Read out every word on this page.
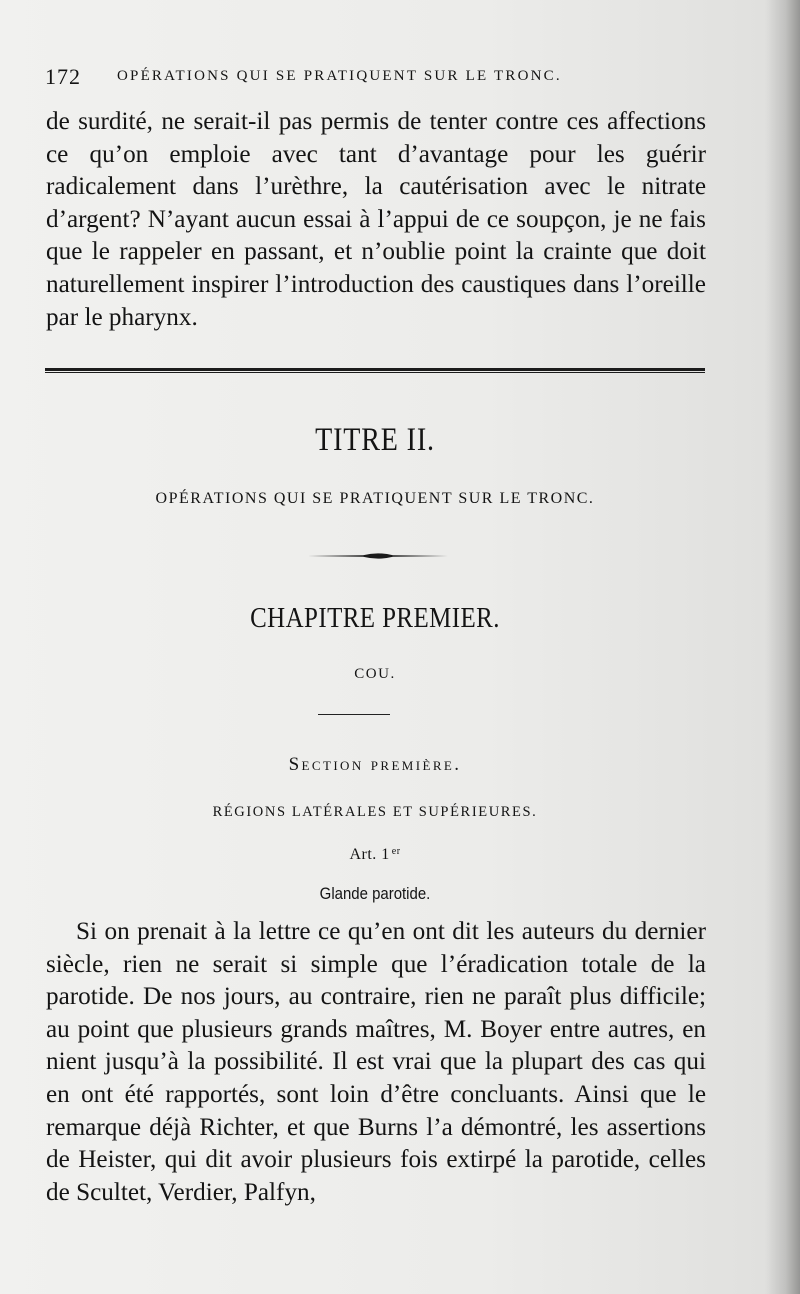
172 OPÉRATIONS QUI SE PRATIQUENT SUR LE TRONC.

de surdité, ne serait-il pas permis de tenter contre ces affections ce qu’on emploie avec tant d’avantage pour les guérir radicalement dans l’urèthre, la cautérisation avec le nitrate d’argent? N’ayant aucun essai à l’appui de ce soupçon, je ne fais que le rappeler en passant, et n’oublie point la crainte que doit naturellement inspirer l’introduction des caustiques dans l’oreille par le pharynx.

TITRE II.
OPÉRATIONS QUI SE PRATIQUENT SUR LE TRONC.
CHAPITRE PREMIER.
COU.
Section première.
RÉGIONS LATÉRALES ET SUPÉRIEURES.
Art. 1 $^{er}$
Glande parotide.

Si on prenait à la lettre ce qu’en ont dit les auteurs du dernier siècle, rien ne serait si simple que l’éradication totale de la parotide. De nos jours, au contraire, rien ne paraît plus difficile; au point que plusieurs grands maîtres, M. Boyer entre autres, en nient jusqu’à la possibilité. Il est vrai que la plupart des cas qui en ont été rapportés, sont loin d’être concluants. Ainsi que le remarque déjà Richter, et que Burns l’a démontré, les assertions de Heister, qui dit avoir plusieurs fois extirpé la parotide, celles de Scultet, Verdier, Palfyn,
